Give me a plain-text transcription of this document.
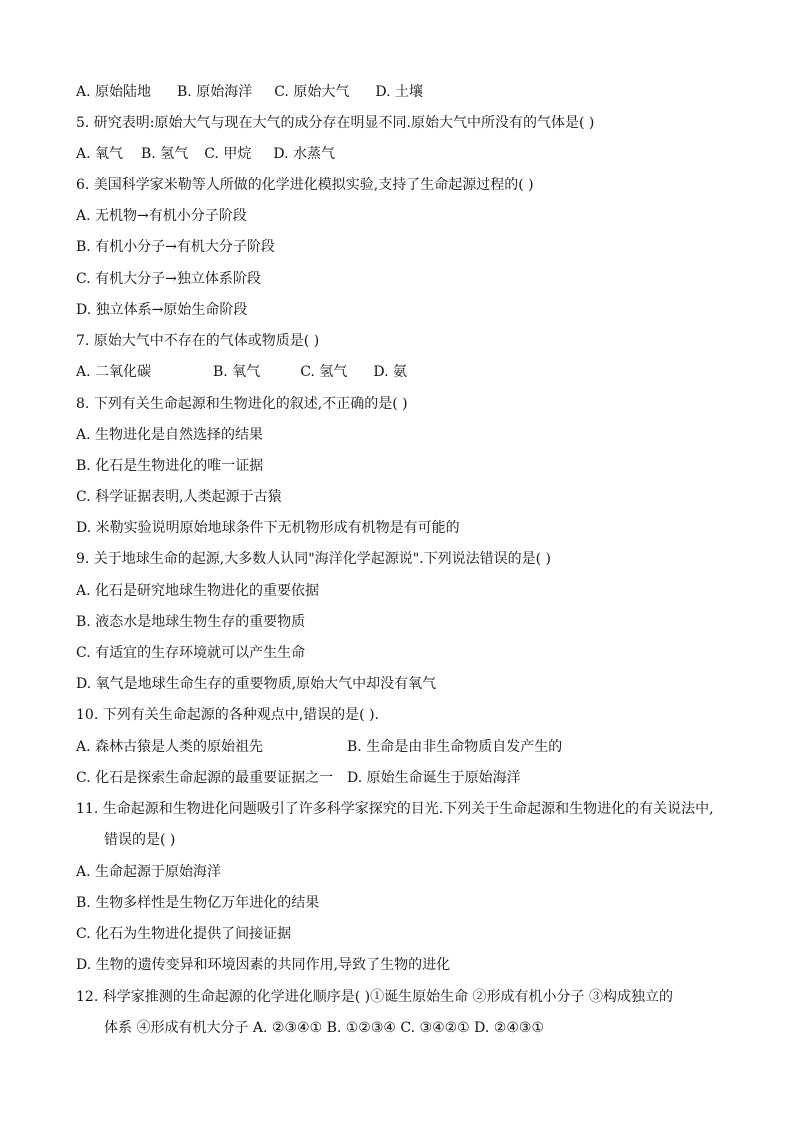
A. 原始陆地 B. 原始海洋 C. 原始大气 D. 土壤
5. 研究表明:原始大气与现在大气的成分存在明显不同.原始大气中所没有的气体是( )
A. 氧气 B. 氢气 C. 甲烷 D. 水蒸气
6. 美国科学家米勒等人所做的化学进化模拟实验,支持了生命起源过程的( )
A. 无机物→有机小分子阶段
B. 有机小分子→有机大分子阶段
C. 有机大分子→独立体系阶段
D. 独立体系→原始生命阶段
7. 原始大气中不存在的气体或物质是( )
A. 二氧化碳	B. 氧气	C. 氢气 D. 氨
8. 下列有关生命起源和生物进化的叙述,不正确的是( )
A. 生物进化是自然选择的结果
B. 化石是生物进化的唯一证据
C. 科学证据表明,人类起源于古猿
D. 米勒实验说明原始地球条件下无机物形成有机物是有可能的
9. 关于地球生命的起源,大多数人认同"海洋化学起源说".下列说法错误的是( )
A. 化石是研究地球生物进化的重要依据
B. 液态水是地球生物生存的重要物质
C. 有适宜的生存环境就可以产生生命
D. 氧气是地球生命生存的重要物质,原始大气中却没有氧气
10. 下列有关生命起源的各种观点中,错误的是( ).
A. 森林古猿是人类的原始祖先	B. 生命是由非生命物质自发产生的
C. 化石是探索生命起源的最重要证据之一 D. 原始生命诞生于原始海洋
11. 生命起源和生物进化问题吸引了许多科学家探究的目光.下列关于生命起源和生物进化的有关说法中,
错误的是( )
A. 生命起源于原始海洋
B. 生物多样性是生物亿万年进化的结果
C. 化石为生物进化提供了间接证据
D. 生物的遗传变异和环境因素的共同作用,导致了生物的进化
12. 科学家推测的生命起源的化学进化顺序是( )①诞生原始生命 ②形成有机小分子 ③构成独立的
体系 ④形成有机大分子 A. ②③④① B. ①②③④ C. ③④②① D. ②④③①
